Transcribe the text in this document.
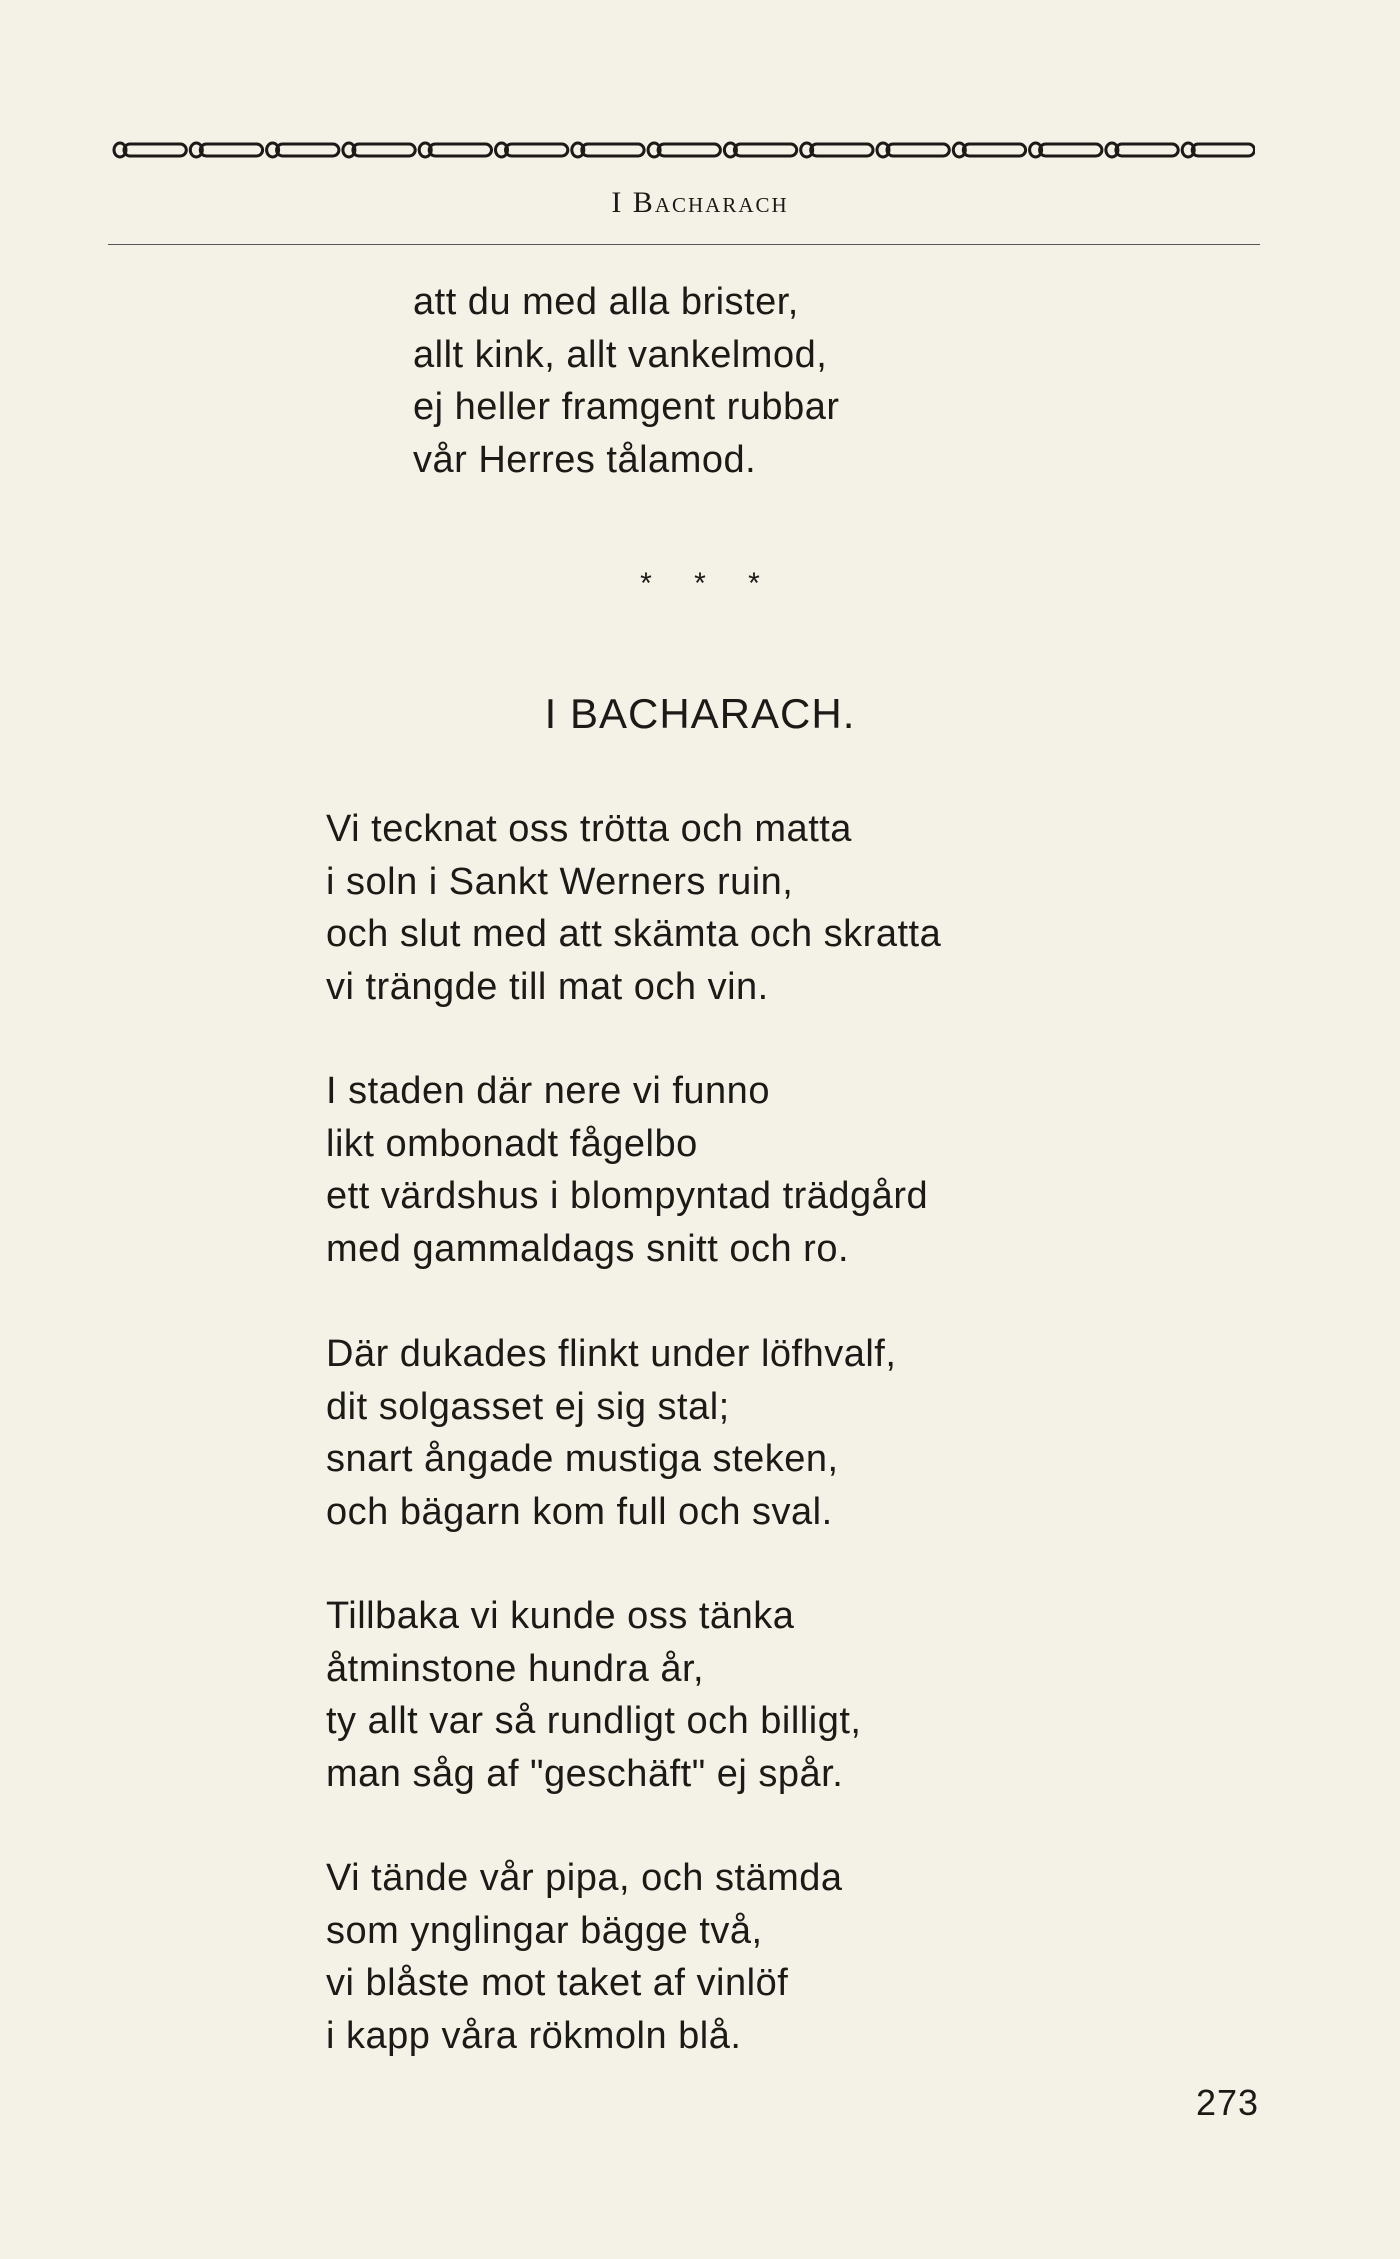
I Bacharach
att du med alla brister,
allt kink, allt vankelmod,
ej heller framgent rubbar
vår Herres tålamod.
* * *
I BACHARACH.
Vi tecknat oss trötta och matta
i soln i Sankt Werners ruin,
och slut med att skämta och skratta
vi trängde till mat och vin.
I staden där nere vi funno
likt ombonadt fågelbo
ett värdshus i blompyntad trädgård
med gammaldags snitt och ro.
Där dukades flinkt under löfhvalf,
dit solgasset ej sig stal;
snart ångade mustiga steken,
och bägarn kom full och sval.
Tillbaka vi kunde oss tänka
åtminstone hundra år,
ty allt var så rundligt och billigt,
man såg af "geschäft" ej spår.
Vi tände vår pipa, och stämda
som ynglingar bägge två,
vi blåste mot taket af vinlöf
i kapp våra rökmoln blå.
273
